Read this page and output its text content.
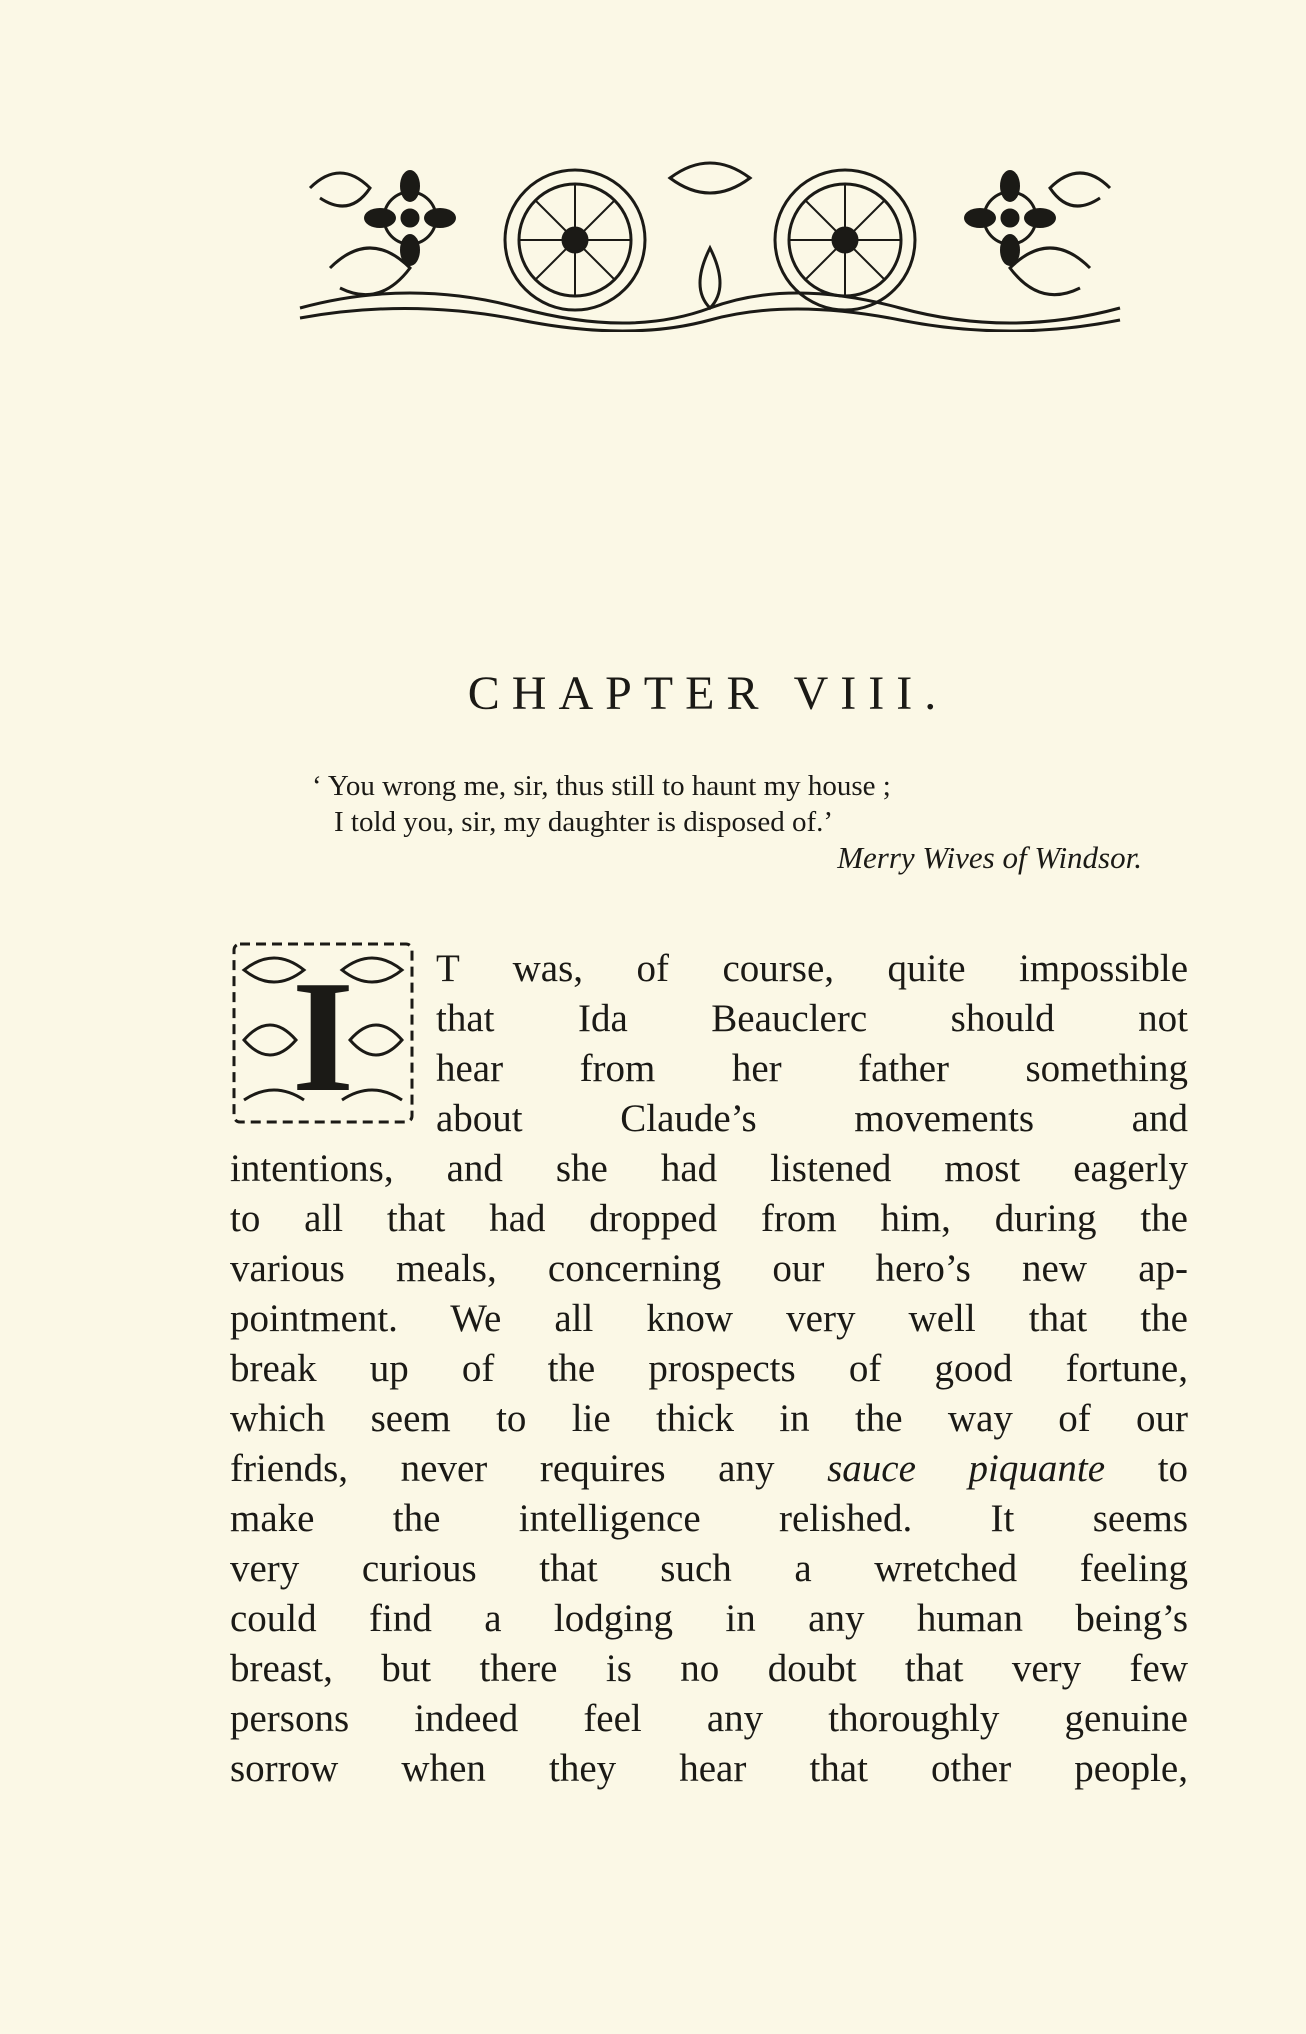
CHAPTER VIII.
‘ You wrong me, sir, thus still to haunt my house ;
I told you, sir, my daughter is disposed of.’
Merry Wives of Windsor.
I T was, of course, quite impossible
that Ida Beauclerc should not
hear from her father something
about Claude’s movements and
intentions, and she had listened most eagerly
to all that had dropped from him, during the
various meals, concerning our hero’s new ap-
pointment. We all know very well that the
break up of the prospects of good fortune,
which seem to lie thick in the way of our
friends, never requires any sauce piquante to
make the intelligence relished. It seems
very curious that such a wretched feeling
could find a lodging in any human being’s
breast, but there is no doubt that very few
persons indeed feel any thoroughly genuine
sorrow when they hear that other people,
